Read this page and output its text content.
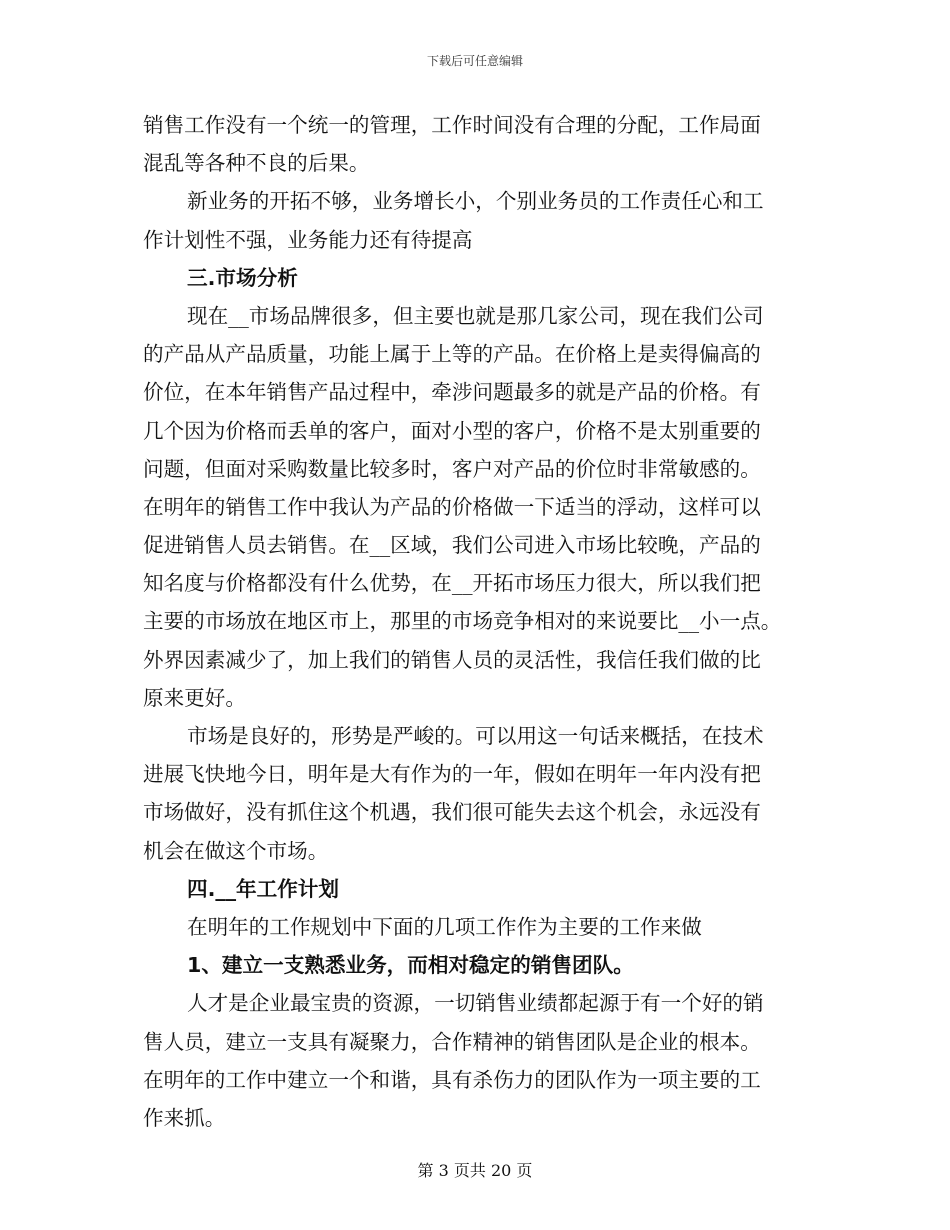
下载后可任意编辑
销售工作没有一个统一的管理，工作时间没有合理的分配，工作局面
混乱等各种不良的后果。
新业务的开拓不够，业务增长小，个别业务员的工作责任心和工
作计划性不强，业务能力还有待提高
三.市场分析
现在__市场品牌很多，但主要也就是那几家公司，现在我们公司
的产品从产品质量，功能上属于上等的产品。在价格上是卖得偏高的
价位，在本年销售产品过程中，牵涉问题最多的就是产品的价格。有
几个因为价格而丢单的客户，面对小型的客户，价格不是太别重要的
问题，但面对采购数量比较多时，客户对产品的价位时非常敏感的。
在明年的销售工作中我认为产品的价格做一下适当的浮动，这样可以
促进销售人员去销售。在__区域，我们公司进入市场比较晚，产品的
知名度与价格都没有什么优势，在__开拓市场压力很大，所以我们把
主要的市场放在地区市上，那里的市场竞争相对的来说要比__小一点。
外界因素减少了，加上我们的销售人员的灵活性，我信任我们做的比
原来更好。
市场是良好的，形势是严峻的。可以用这一句话来概括，在技术
进展飞快地今日，明年是大有作为的一年，假如在明年一年内没有把
市场做好，没有抓住这个机遇，我们很可能失去这个机会，永远没有
机会在做这个市场。
四.__年工作计划
在明年的工作规划中下面的几项工作作为主要的工作来做
1、建立一支熟悉业务，而相对稳定的销售团队。
人才是企业最宝贵的资源，一切销售业绩都起源于有一个好的销
售人员，建立一支具有凝聚力，合作精神的销售团队是企业的根本。
在明年的工作中建立一个和谐，具有杀伤力的团队作为一项主要的工
作来抓。
第 3 页共 20 页
